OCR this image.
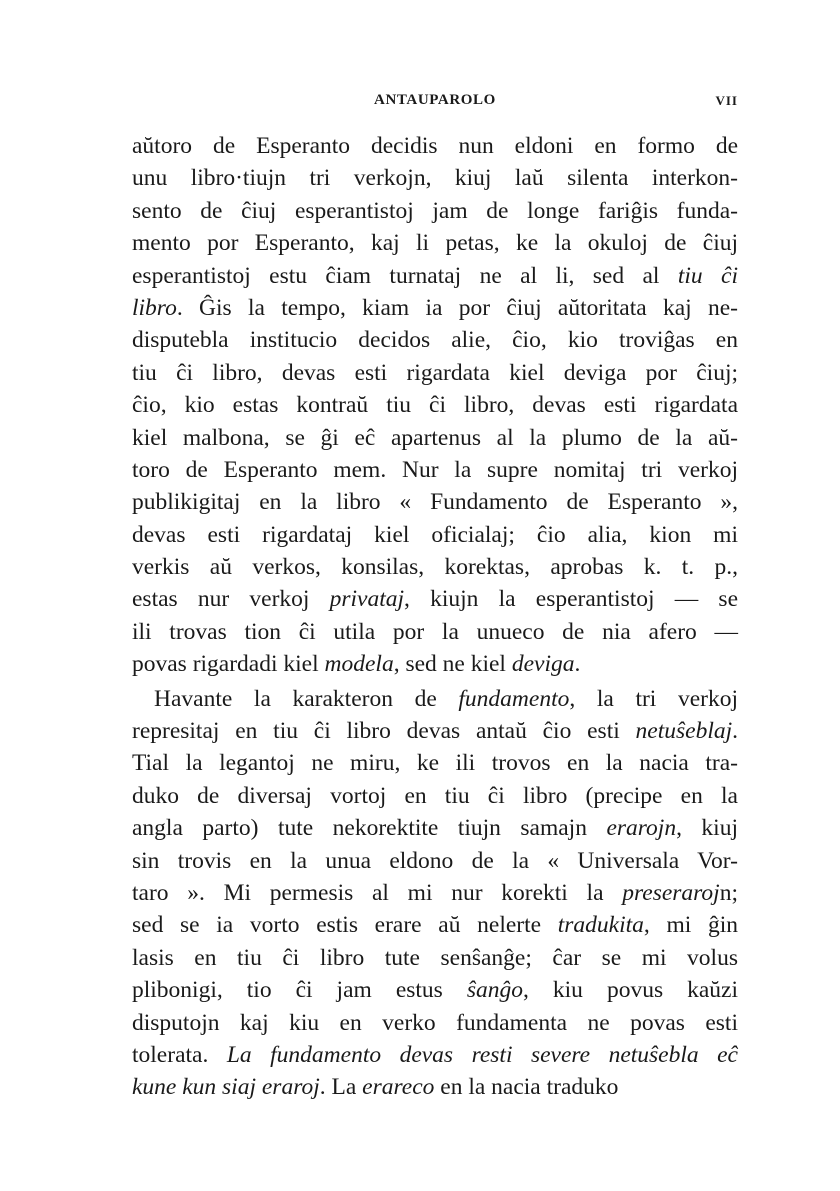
ANTAUPAROLO	VII
aŭtoro de Esperanto decidis nun eldoni en formo de
unu libro·tiujn tri verkojn, kiuj laŭ silenta interkon-
sento de ĉiuj esperantistoj jam de longe fariĝis funda-
mento por Esperanto, kaj li petas, ke la okuloj de ĉiuj
esperantistoj estu ĉiam turnataj ne al li, sed al tiu ĉi
libro. Ĝis la tempo, kiam ia por ĉiuj aŭtoritata kaj ne-
disputebla institucio decidos alie, ĉio, kio troviĝas en
tiu ĉi libro, devas esti rigardata kiel deviga por ĉiuj;
ĉio, kio estas kontraŭ tiu ĉi libro, devas esti rigardata
kiel malbona, se ĝi eĉ apartenus al la plumo de la aŭ-
toro de Esperanto mem. Nur la supre nomitaj tri verkoj
publikigitaj en la libro « Fundamento de Esperanto »,
devas esti rigardataj kiel oficialaj; ĉio alia, kion mi
verkis aŭ verkos, konsilas, korektas, aprobas k. t. p.,
estas nur verkoj privataj, kiujn la esperantistoj — se
ili trovas tion ĉi utila por la unueco de nia afero —
povas rigardadi kiel modela, sed ne kiel deviga.
Havante la karakteron de fundamento, la tri verkoj
represitaj en tiu ĉi libro devas antaŭ ĉio esti netuŝeblaj.
Tial la legantoj ne miru, ke ili trovos en la nacia tra-
duko de diversaj vortoj en tiu ĉi libro (precipe en la
angla parto) tute nekorektite tiujn samajn erarojn, kiuj
sin trovis en la unua eldono de la « Universala Vor-
taro ». Mi permesis al mi nur korekti la preserarojn;
sed se ia vorto estis erare aŭ nelerte tradukita, mi ĝin
lasis en tiu ĉi libro tute senŝanĝe; ĉar se mi volus
plibonigi, tio ĉi jam estus ŝanĝo, kiu povus kaŭzi
disputojn kaj kiu en verko fundamenta ne povas esti
tolerata. La fundamento devas resti severe netuŝebla eĉ
kune kun siaj eraroj. La erareco en la nacia traduko
